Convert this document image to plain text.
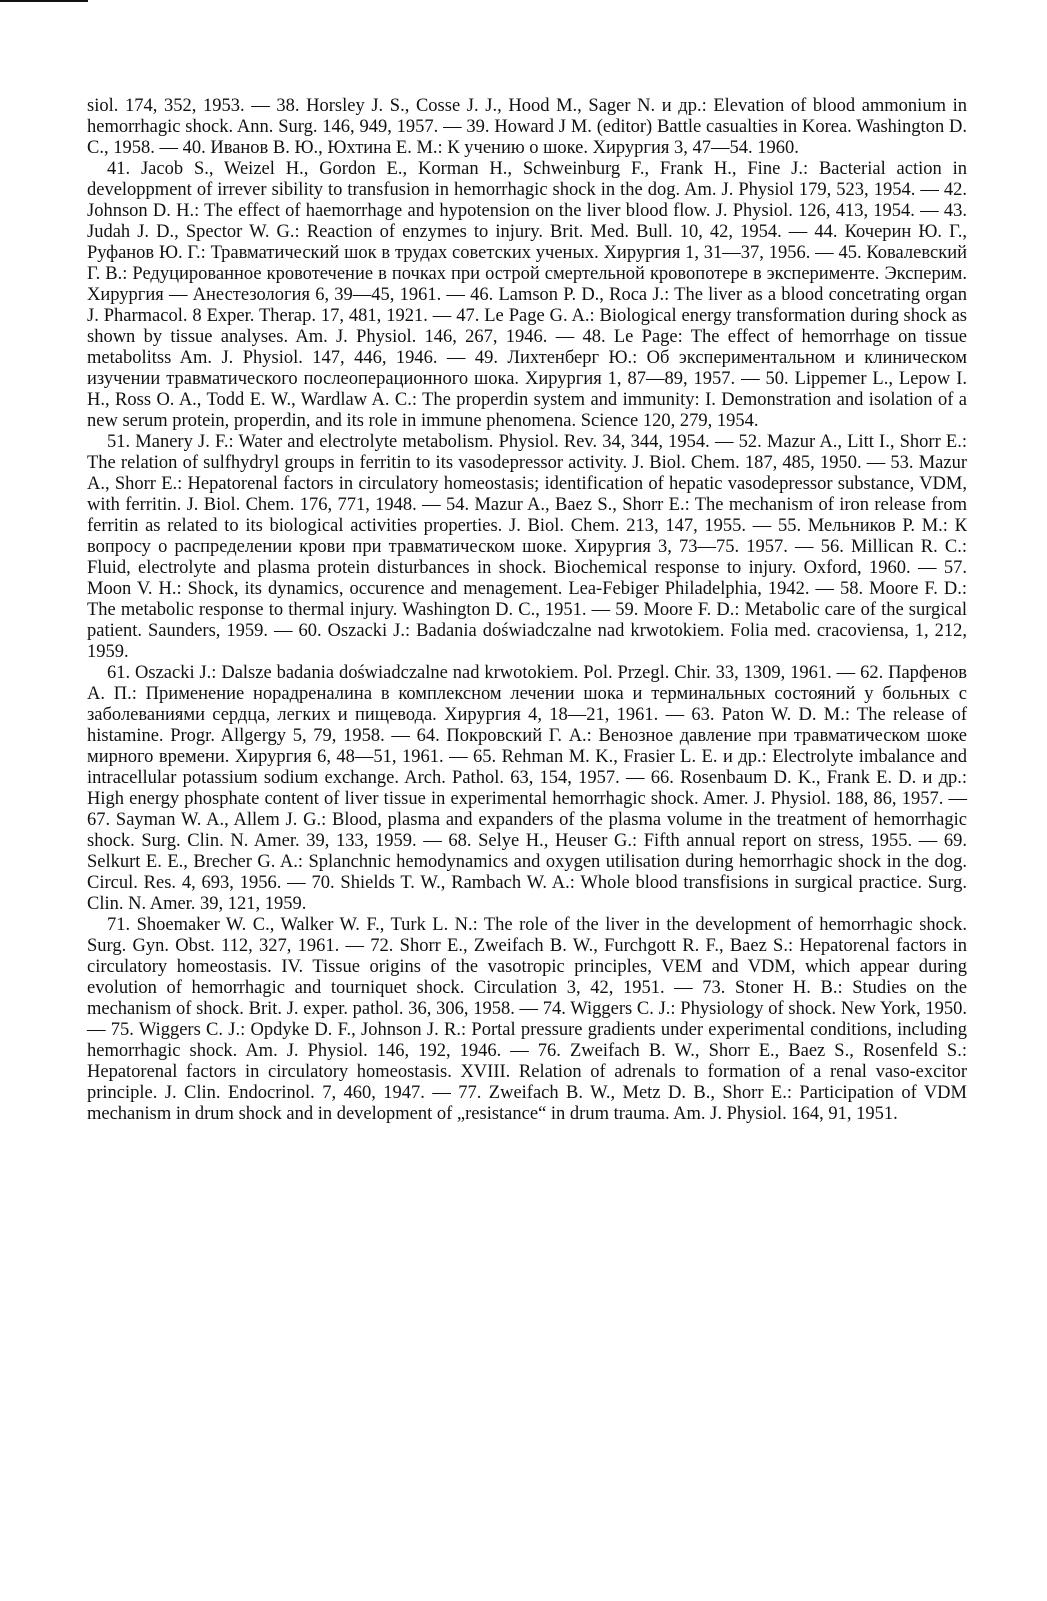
siol. 174, 352, 1953. — 38. Horsley J. S., Cosse J. J., Hood M., Sager N. и др.: Elevation of blood ammonium in hemorrhagic shock. Ann. Surg. 146, 949, 1957. — 39. Howard J M. (editor) Battle casualties in Korea. Washington D. C., 1958. — 40. Иванов В. Ю., Юхтина Е. М.: К учению о шоке. Хирургия 3, 47—54. 1960.

41. Jacob S., Weizel H., Gordon E., Korman H., Schweinburg F., Frank H., Fine J.: Bacterial action in developpment of irrever sibility to transfusion in hemorrhagic shock in the dog. Am. J. Physiol 179, 523, 1954. — 42. Johnson D. H.: The effect of haemorrhage and hypotension on the liver blood flow. J. Physiol. 126, 413, 1954. — 43. Judah J. D., Spector W. G.: Reaction of enzymes to injury. Brit. Med. Bull. 10, 42, 1954. — 44. Кочерин Ю. Г., Руфанов Ю. Г.: Травматический шок в трудах советских ученых. Хирургия 1, 31—37, 1956. — 45. Ковалевский Г. В.: Редуцированное кровотечение в почках при острой смертельной кровопотере в эксперименте. Эксперим. Хирургия — Анестезология 6, 39—45, 1961. — 46. Lamson P. D., Roca J.: The liver as a blood concetrating organ J. Pharmacol. 8 Exper. Therap. 17, 481, 1921. — 47. Le Page G. A.: Biological energy transformation during shock as shown by tissue analyses. Am. J. Physiol. 146, 267, 1946. — 48. Le Page: The effect of hemorrhage on tissue metabolitss Am. J. Physiol. 147, 446, 1946. — 49. Лихтенберг Ю.: Об экспериментальном и клиническом изучении травматического послеоперационного шока. Хирургия 1, 87—89, 1957. — 50. Lippemer L., Lepow I. H., Ross O. A., Todd E. W., Wardlaw A. C.: The properdin system and immunity: I. Demonstration and isolation of a new serum protein, properdin, and its role in immune phenomena. Science 120, 279, 1954.

51. Manery J. F.: Water and electrolyte metabolism. Physiol. Rev. 34, 344, 1954. — 52. Mazur A., Litt I., Shorr E.: The relation of sulfhydryl groups in ferritin to its vasodepressor activity. J. Biol. Chem. 187, 485, 1950. — 53. Mazur A., Shorr E.: Hepatorenal factors in circulatory homeostasis; identification of hepatic vasodepressor substance, VDM, with ferritin. J. Biol. Chem. 176, 771, 1948. — 54. Mazur A., Baez S., Shorr E.: The mechanism of iron release from ferritin as related to its biological activities properties. J. Biol. Chem. 213, 147, 1955. — 55. Мельников Р. М.: К вопросу о распределении крови при травматическом шоке. Хирургия 3, 73—75. 1957. — 56. Millican R. C.: Fluid, electrolyte and plasma protein disturbances in shock. Biochemical response to injury. Oxford, 1960. — 57. Moon V. H.: Shock, its dynamics, occurence and menagement. Lea-Febiger Philadelphia, 1942. — 58. Moore F. D.: The metabolic response to thermal injury. Washington D. C., 1951. — 59. Moore F. D.: Metabolic care of the surgical patient. Saunders, 1959. — 60. Oszacki J.: Badania doświadczalne nad krwotokiem. Folia med. cracoviensa, 1, 212, 1959.

61. Oszacki J.: Dalsze badania doświadczalne nad krwotokiem. Pol. Przegl. Chir. 33, 1309, 1961. — 62. Парфенов А. П.: Применение норадреналина в комплексном лечении шока и терминальных состояний у больных с заболеваниями сердца, легких и пищевода. Хирургия 4, 18—21, 1961. — 63. Paton W. D. M.: The release of histamine. Progr. Allgergy 5, 79, 1958. — 64. Покровский Г. А.: Венозное давление при травматическом шоке мирного времени. Хирургия 6, 48—51, 1961. — 65. Rehman M. K., Frasier L. E. и др.: Electrolyte imbalance and intracellular potassium sodium exchange. Arch. Pathol. 63, 154, 1957. — 66. Rosenbaum D. K., Frank E. D. и др.: High energy phosphate content of liver tissue in experimental hemorrhagic shock. Amer. J. Physiol. 188, 86, 1957. — 67. Sayman W. A., Allem J. G.: Blood, plasma and expanders of the plasma volume in the treatment of hemorrhagic shock. Surg. Clin. N. Amer. 39, 133, 1959. — 68. Selye H., Heuser G.: Fifth annual report on stress, 1955. — 69. Selkurt E. E., Brecher G. A.: Splanchnic hemodynamics and oxygen utilisation during hemorrhagic shock in the dog. Circul. Res. 4, 693, 1956. — 70. Shields T. W., Rambach W. A.: Whole blood transfisions in surgical practice. Surg. Clin. N. Amer. 39, 121, 1959.

71. Shoemaker W. C., Walker W. F., Turk L. N.: The role of the liver in the development of hemorrhagic shock. Surg. Gyn. Obst. 112, 327, 1961. — 72. Shorr E., Zweifach B. W., Furchgott R. F., Baez S.: Hepatorenal factors in circulatory homeostasis. IV. Tissue origins of the vasotropic principles, VEM and VDM, which appear during evolution of hemorrhagic and tourniquet shock. Circulation 3, 42, 1951. — 73. Stoner H. B.: Studies on the mechanism of shock. Brit. J. exper. pathol. 36, 306, 1958. — 74. Wiggers C. J.: Physiology of shock. New York, 1950. — 75. Wiggers C. J.: Opdyke D. F., Johnson J. R.: Portal pressure gradients under experimental conditions, including hemorrhagic shock. Am. J. Physiol. 146, 192, 1946. — 76. Zweifach B. W., Shorr E., Baez S., Rosenfeld S.: Hepatorenal factors in circulatory homeostasis. XVIII. Relation of adrenals to formation of a renal vaso-excitor principle. J. Clin. Endocrinol. 7, 460, 1947. — 77. Zweifach B. W., Metz D. B., Shorr E.: Participation of VDM mechanism in drum shock and in development of „resistance“ in drum trauma. Am. J. Physiol. 164, 91, 1951.
